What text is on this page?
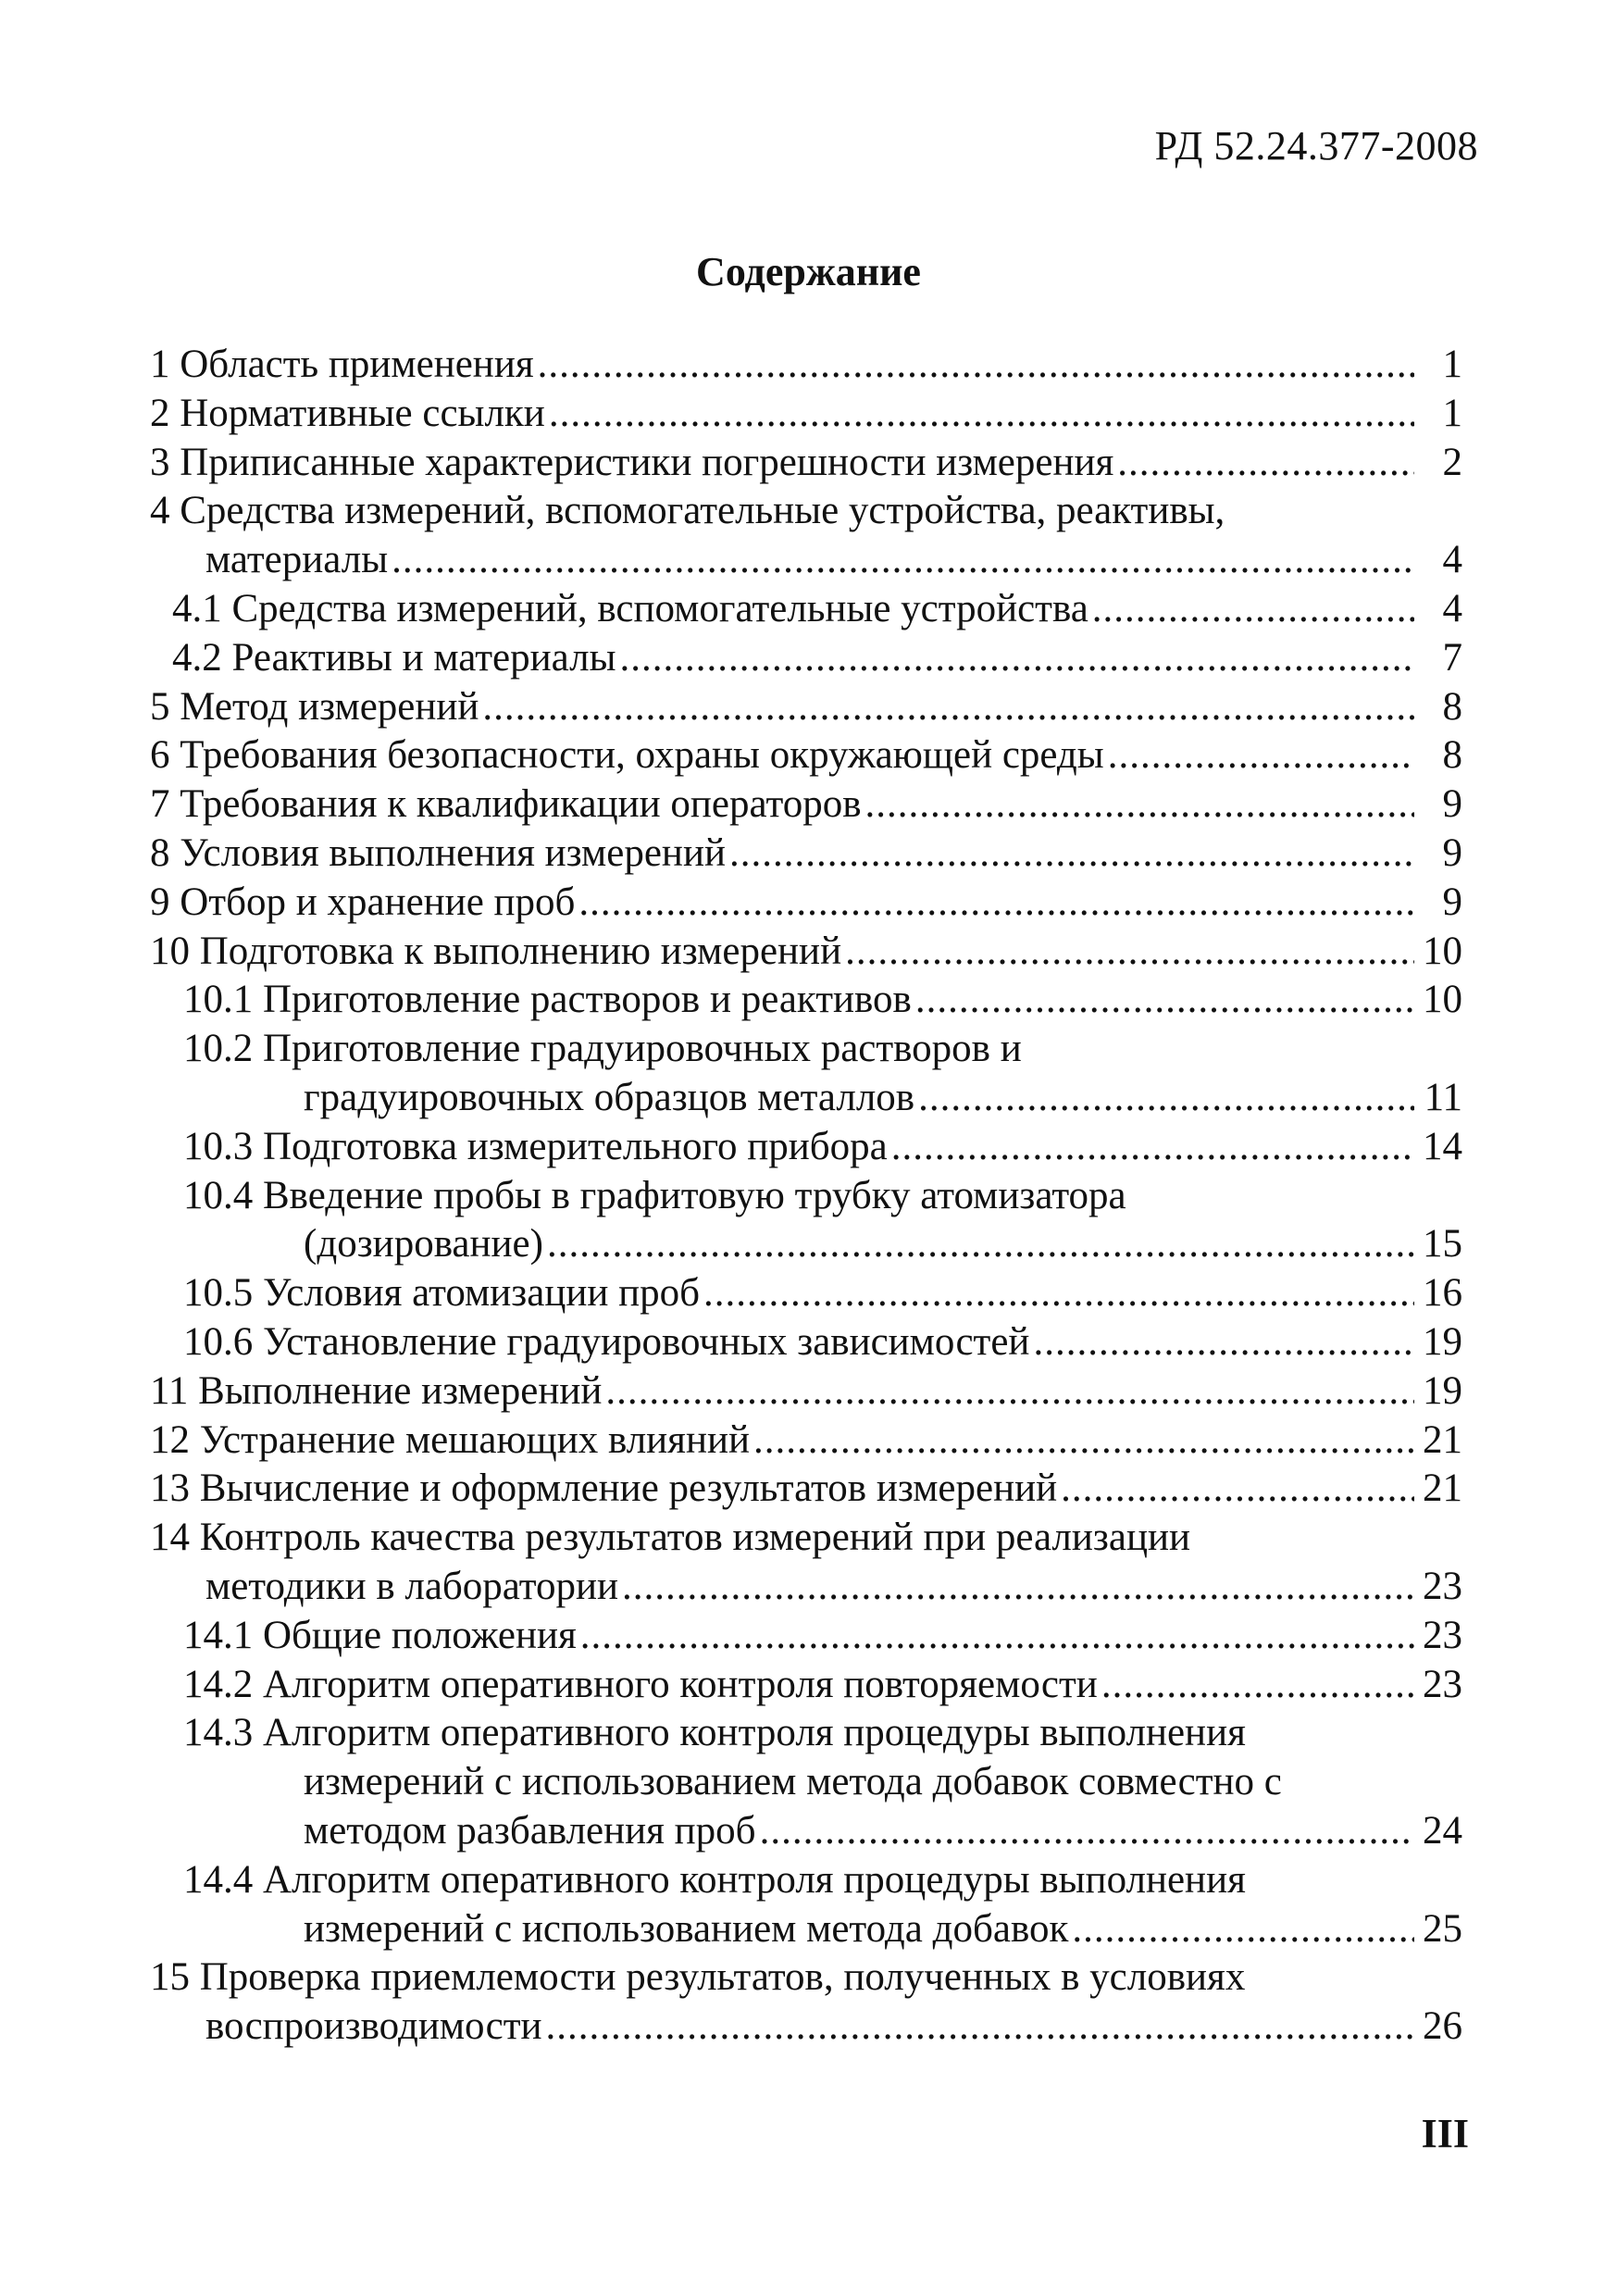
РД 52.24.377-2008
Содержание
1 Область применения .....	1
2 Нормативные ссылки .....	1
3 Приписанные характеристики погрешности измерения .....	2
4 Средства измерений, вспомогательные устройства, реактивы,
материалы .....	4
4.1 Средства измерений, вспомогательные устройства .....	4
4.2 Реактивы и материалы .....	7
5 Метод измерений .....	8
6 Требования безопасности, охраны окружающей среды .....	8
7 Требования к квалификации операторов .....	9
8 Условия выполнения измерений .....	9
9 Отбор и хранение проб .....	9
10 Подготовка к выполнению измерений .....	10
10.1 Приготовление растворов и реактивов .....	10
10.2 Приготовление градуировочных растворов и
градуировочных образцов металлов .....	11
10.3 Подготовка измерительного прибора .....	14
10.4 Введение пробы в графитовую трубку атомизатора
(дозирование) .....	15
10.5 Условия атомизации проб .....	16
10.6 Установление градуировочных зависимостей .....	19
11 Выполнение измерений .....	19
12 Устранение мешающих влияний .....	21
13 Вычисление и оформление результатов измерений .....	21
14 Контроль качества результатов измерений при реализации
методики в лаборатории .....	23
14.1 Общие положения .....	23
14.2 Алгоритм оперативного контроля повторяемости .....	23
14.3 Алгоритм оперативного контроля процедуры выполнения
измерений с использованием метода добавок совместно с
методом разбавления проб .....	24
14.4 Алгоритм оперативного контроля процедуры выполнения
измерений с использованием метода добавок .....	25
15 Проверка приемлемости результатов, полученных в условиях
воспроизводимости .....	26
III
